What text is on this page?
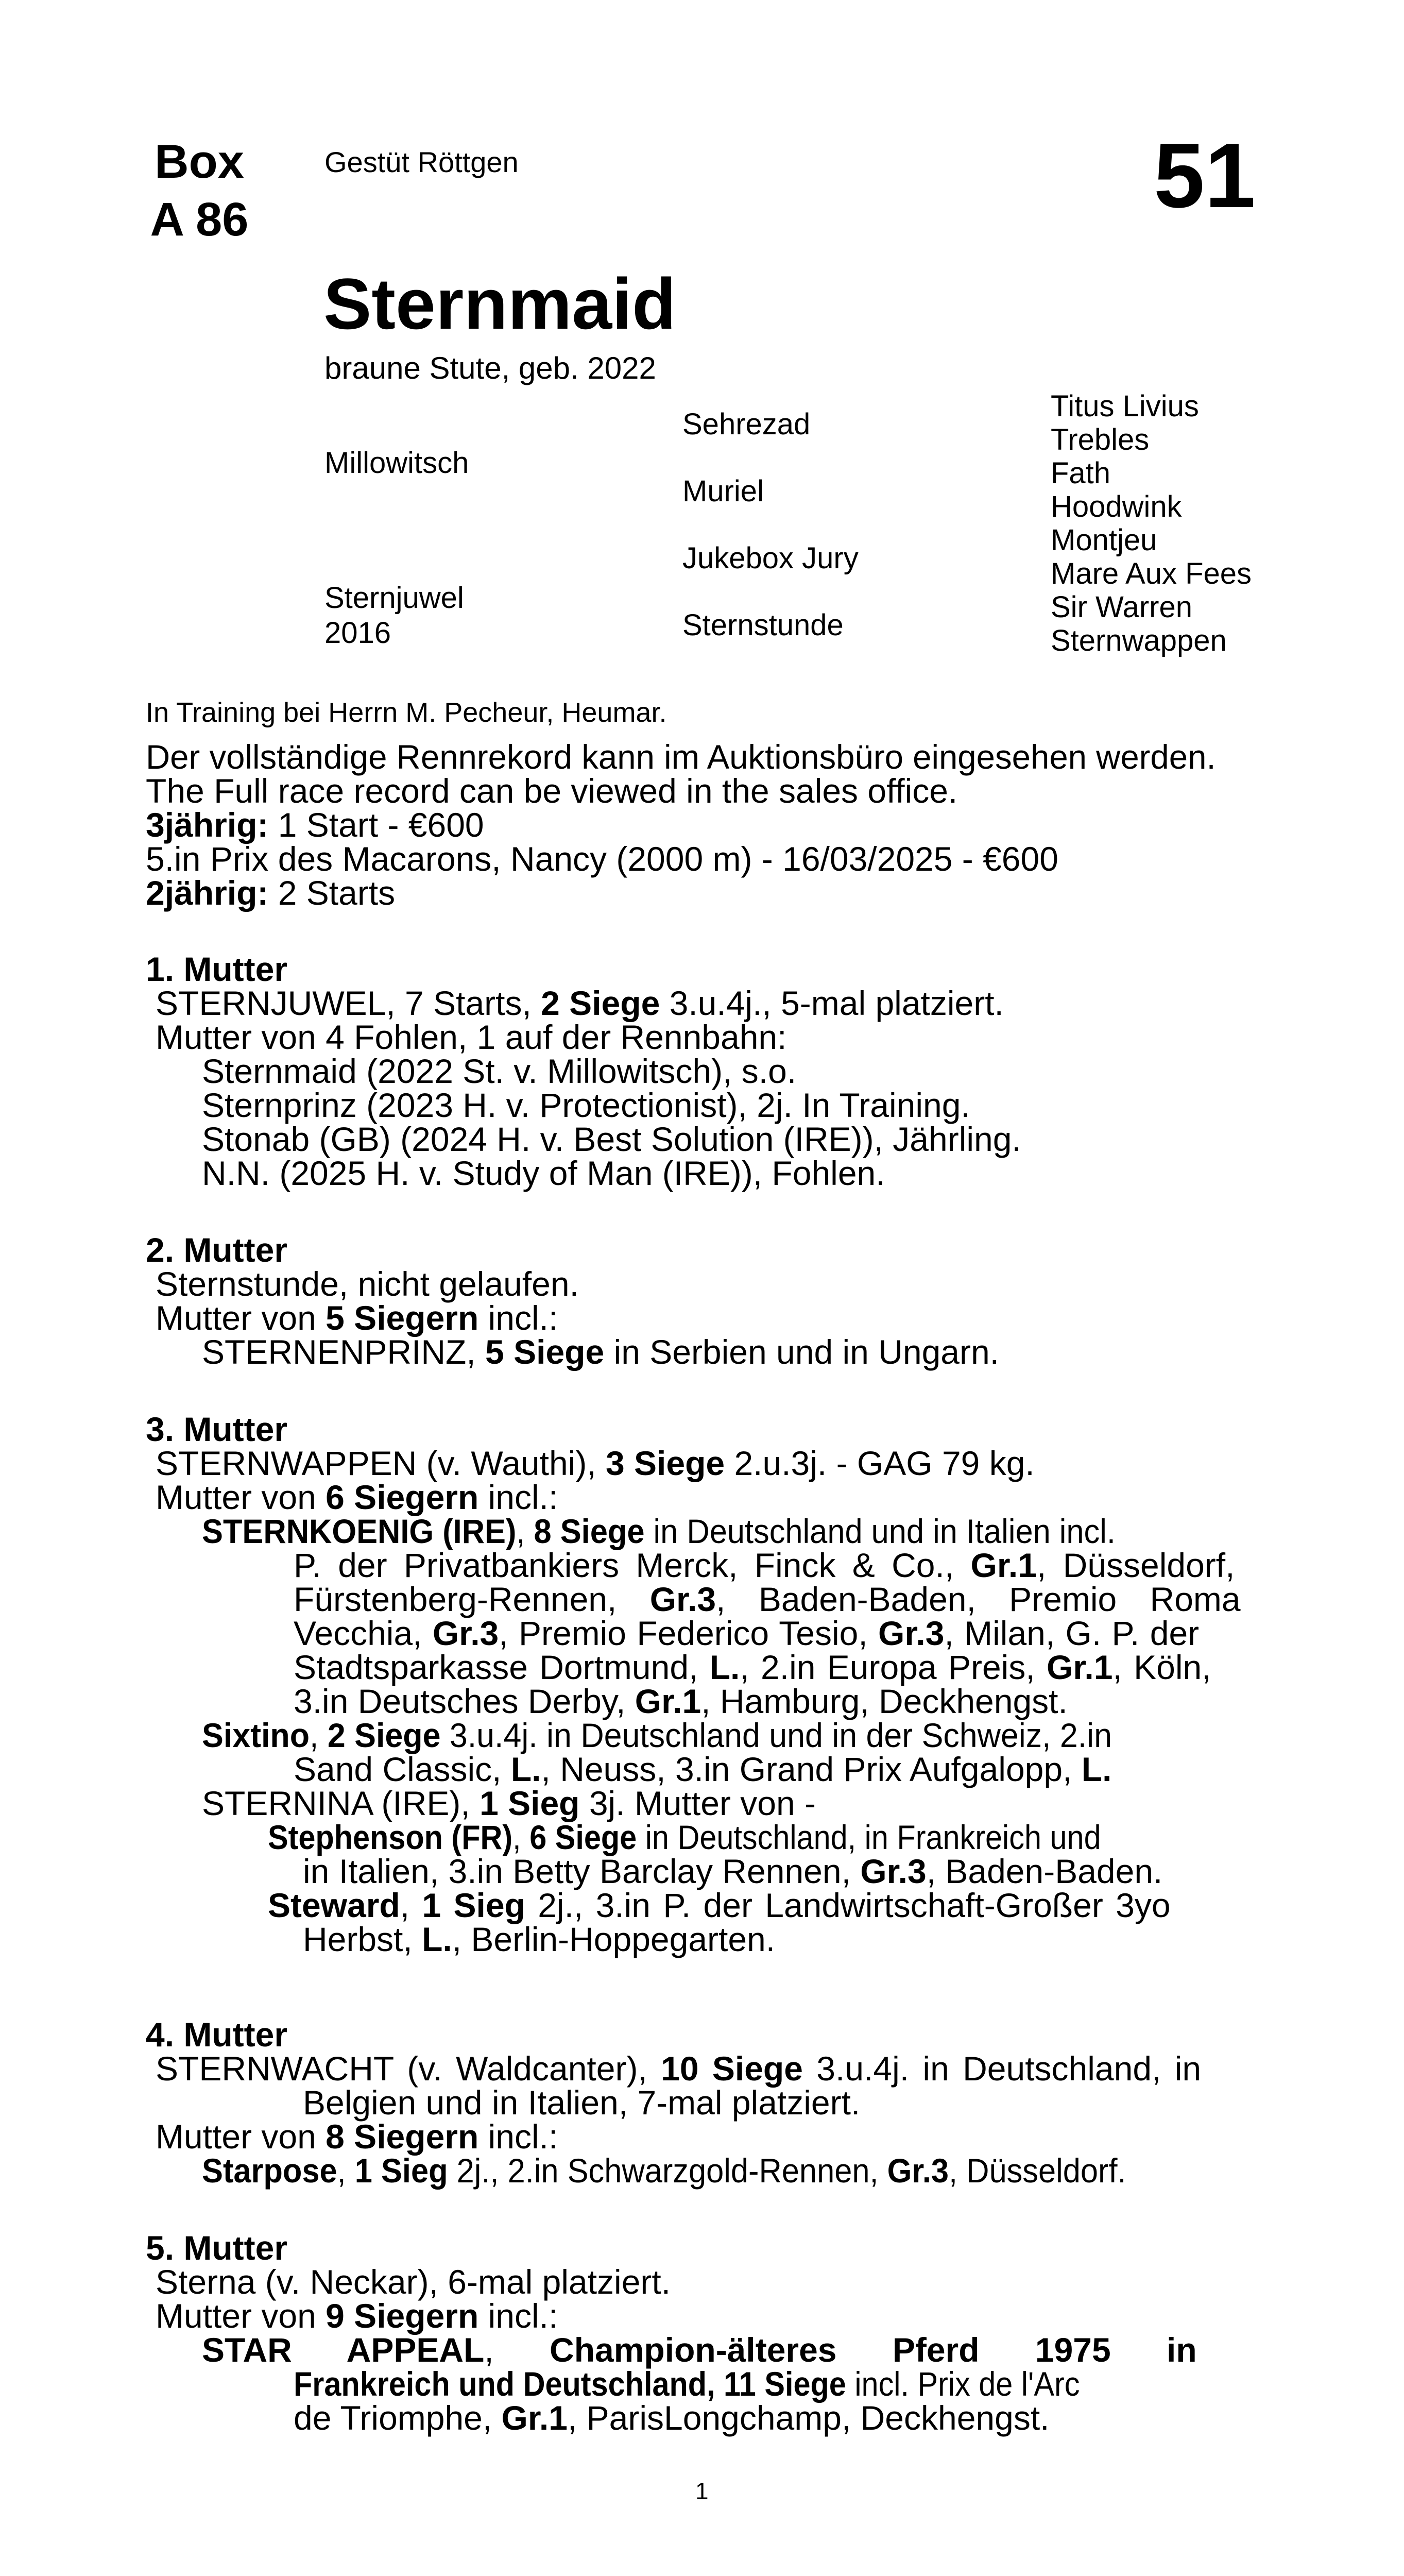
Box
A 86
Gestüt Röttgen	51
Sternmaid
braune Stute, geb. 2022
Millowitsch
Sternjuwel
2016
Sehrezad
Muriel
Jukebox Jury
Sternstunde
Titus Livius
Trebles
Fath
Hoodwink
Montjeu
Mare Aux Fees
Sir Warren
Sternwappen
In Training bei Herrn M. Pecheur, Heumar.
Der vollständige Rennrekord kann im Auktionsbüro eingesehen werden.
The Full race record can be viewed in the sales office.
3jährig: 1 Start - €600
5.in Prix des Macarons, Nancy (2000 m) - 16/03/2025 - €600
2jährig: 2 Starts
1. Mutter
STERNJUWEL, 7 Starts, 2 Siege 3.u.4j., 5-mal platziert.
Mutter von 4 Fohlen, 1 auf der Rennbahn:
Sternmaid (2022 St. v. Millowitsch), s.o.
Sternprinz (2023 H. v. Protectionist), 2j. In Training.
Stonab (GB) (2024 H. v. Best Solution (IRE)), Jährling.
N.N. (2025 H. v. Study of Man (IRE)), Fohlen.
2. Mutter
Sternstunde, nicht gelaufen.
Mutter von 5 Siegern incl.:
STERNENPRINZ, 5 Siege in Serbien und in Ungarn.
3. Mutter
STERNWAPPEN (v. Wauthi), 3 Siege 2.u.3j. - GAG 79 kg.
Mutter von 6 Siegern incl.:
STERNKOENIG (IRE), 8 Siege in Deutschland und in Italien incl.
P. der Privatbankiers Merck, Finck & Co., Gr.1, Düsseldorf,
Fürstenberg-Rennen, Gr.3, Baden-Baden, Premio Roma
Vecchia, Gr.3, Premio Federico Tesio, Gr.3, Milan, G. P. der
Stadtsparkasse Dortmund, L., 2.in Europa Preis, Gr.1, Köln,
3.in Deutsches Derby, Gr.1, Hamburg, Deckhengst.
Sixtino, 2 Siege 3.u.4j. in Deutschland und in der Schweiz, 2.in
Sand Classic, L., Neuss, 3.in Grand Prix Aufgalopp, L.
STERNINA (IRE), 1 Sieg 3j. Mutter von -
Stephenson (FR), 6 Siege in Deutschland, in Frankreich und
in Italien, 3.in Betty Barclay Rennen, Gr.3, Baden-Baden.
Steward, 1 Sieg 2j., 3.in P. der Landwirtschaft-Großer 3yo
Herbst, L., Berlin-Hoppegarten.
4. Mutter
STERNWACHT (v. Waldcanter), 10 Siege 3.u.4j. in Deutschland, in
Belgien und in Italien, 7-mal platziert.
Mutter von 8 Siegern incl.:
Starpose, 1 Sieg 2j., 2.in Schwarzgold-Rennen, Gr.3, Düsseldorf.
5. Mutter
Sterna (v. Neckar), 6-mal platziert.
Mutter von 9 Siegern incl.:
STAR APPEAL, Champion-älteres Pferd 1975 in
Frankreich und Deutschland, 11 Siege incl. Prix de l'Arc
de Triomphe, Gr.1, ParisLongchamp, Deckhengst.
1
